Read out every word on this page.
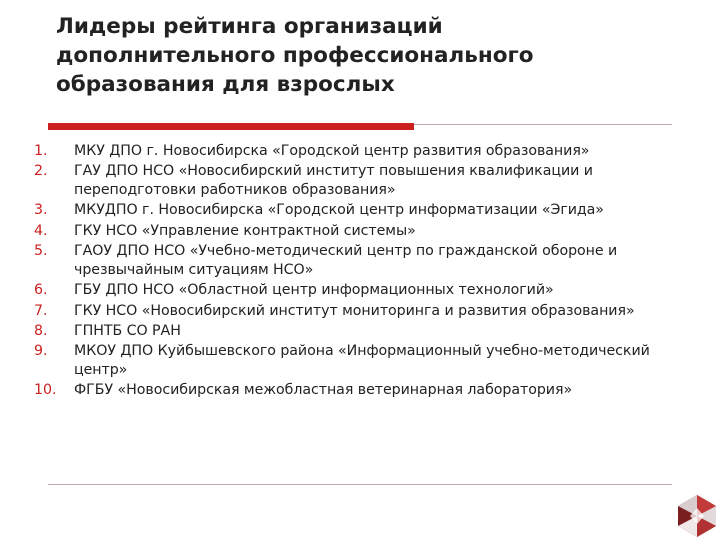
Лидеры рейтинга организаций
дополнительного профессионального
образования для взрослых
1.	МКУ ДПО г. Новосибирска «Городской центр развития образования»
2.	ГАУ ДПО НСО «Новосибирский институт повышения квалификации и переподготовки работников образования»
3.	МКУДПО г. Новосибирска «Городской центр информатизации «Эгида»
4.	ГКУ НСО «Управление контрактной системы»
5.	ГАОУ ДПО НСО «Учебно-методический центр по гражданской обороне и чрезвычайным ситуациям НСО»
6.	ГБУ ДПО НСО «Областной центр информационных технологий»
7.	ГКУ НСО «Новосибирский институт мониторинга и развития образования»
8.	ГПНТБ СО РАН
9.	МКОУ ДПО Куйбышевского района «Информационный учебно-методический центр»
10.	ФГБУ «Новосибирская межобластная ветеринарная лаборатория»
